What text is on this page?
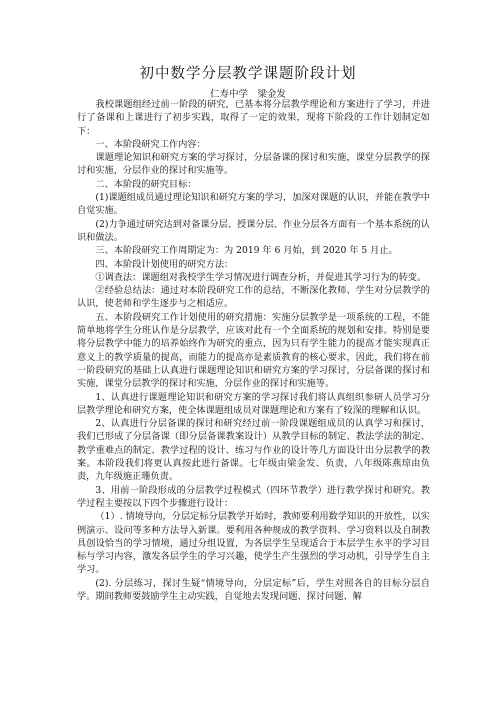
初中数学分层教学课题阶段计划
仁寿中学　梁金发

我校课题组经过前一阶段的研究，已基本将分层教学理论和方案进行了学习，并进行了备课和上课进行了初步实践，取得了一定的效果，现将下阶段的工作计划制定如下：

一、本阶段研究工作内容：

课题理论知识和研究方案的学习探讨，分层备课的探讨和实施，课堂分层教学的探讨和实施，分层作业的探讨和实施等。

二、本阶段的研究目标：

(1)课题组成员通过理论知识和研究方案的学习，加深对课题的认识，并能在教学中自觉实施。

(2)力争通过研究达到对备课分层、授课分层、作业分层各方面有一个基本系统的认识和做法。

三、本阶段研究工作周期定为：为 2019 年 6 月始，到 2020 年 5 月止。

四、本阶段计划使用的研究方法：

①调查法：课题组对我校学生学习情况进行调查分析，并促进其学习行为的转变。

②经验总结法：通过对本阶段研究工作的总结，不断深化教师、学生对分层教学的认识，使老师和学生逐步与之相适应。

五、本阶段研究工作计划使用的研究措施：实施分层教学是一项系统的工程，不能简单地将学生分班认作是分层教学，应该对此有一个全面系统的规划和安排。特别是要将分层教学中能力的培养始终作为研究的重点，因为只有学生能力的提高才能实现真正意义上的教学质量的提高，而能力的提高亦是素质教育的核心要求，因此，我们将在前一阶段研究的基础上认真进行课题理论知识和研究方案的学习探讨，分层备课的探讨和实施，课堂分层教学的探讨和实施，分层作业的探讨和实施等。

1、认真进行课题理论知识和研究方案的学习探讨我们将认真组织参研人员学习分层教学理论和研究方案，使全体课题组成员对课题理论和方案有了较深的理解和认识。

2、认真进行分层备课的探讨和研究经过前一阶段课题组成员的认真学习和探讨，我们已形成了分层备课（即分层备课教案设计）从教学目标的制定、教法学法的制定、教学重难点的制定、教学过程的设计、练习与作业的设计等几方面设计出分层教学的教案。本阶段我们将更认真按此进行备课。七年级由梁金发、负责，八年级陈燕琼由负责，九年级施正珊负责。

3、用前一阶段形成的分层教学过程模式（四环节教学）进行教学探讨和研究。教学过程主要按以下四个步骤进行设计：

（1）. 情境导向，分层定标分层教学开始时，教师要利用数学知识的开放性，以实例演示、设问等多种方法导入新课。要利用各种规成的教学资料、学习资料以及自制教具创设恰当的学习情境，通过分组设置，为各层学生呈现适合于本层学生水平的学习目标与学习内容，激发各层学生的学习兴趣，使学生产生强烈的学习动机，引导学生自主学习。

(2). 分层练习，探讨生疑“情境导向，分层定标”后，学生对照各自的目标分层自学。期间教师要鼓励学生主动实践，自觉地去发现问题、探讨问题、解
